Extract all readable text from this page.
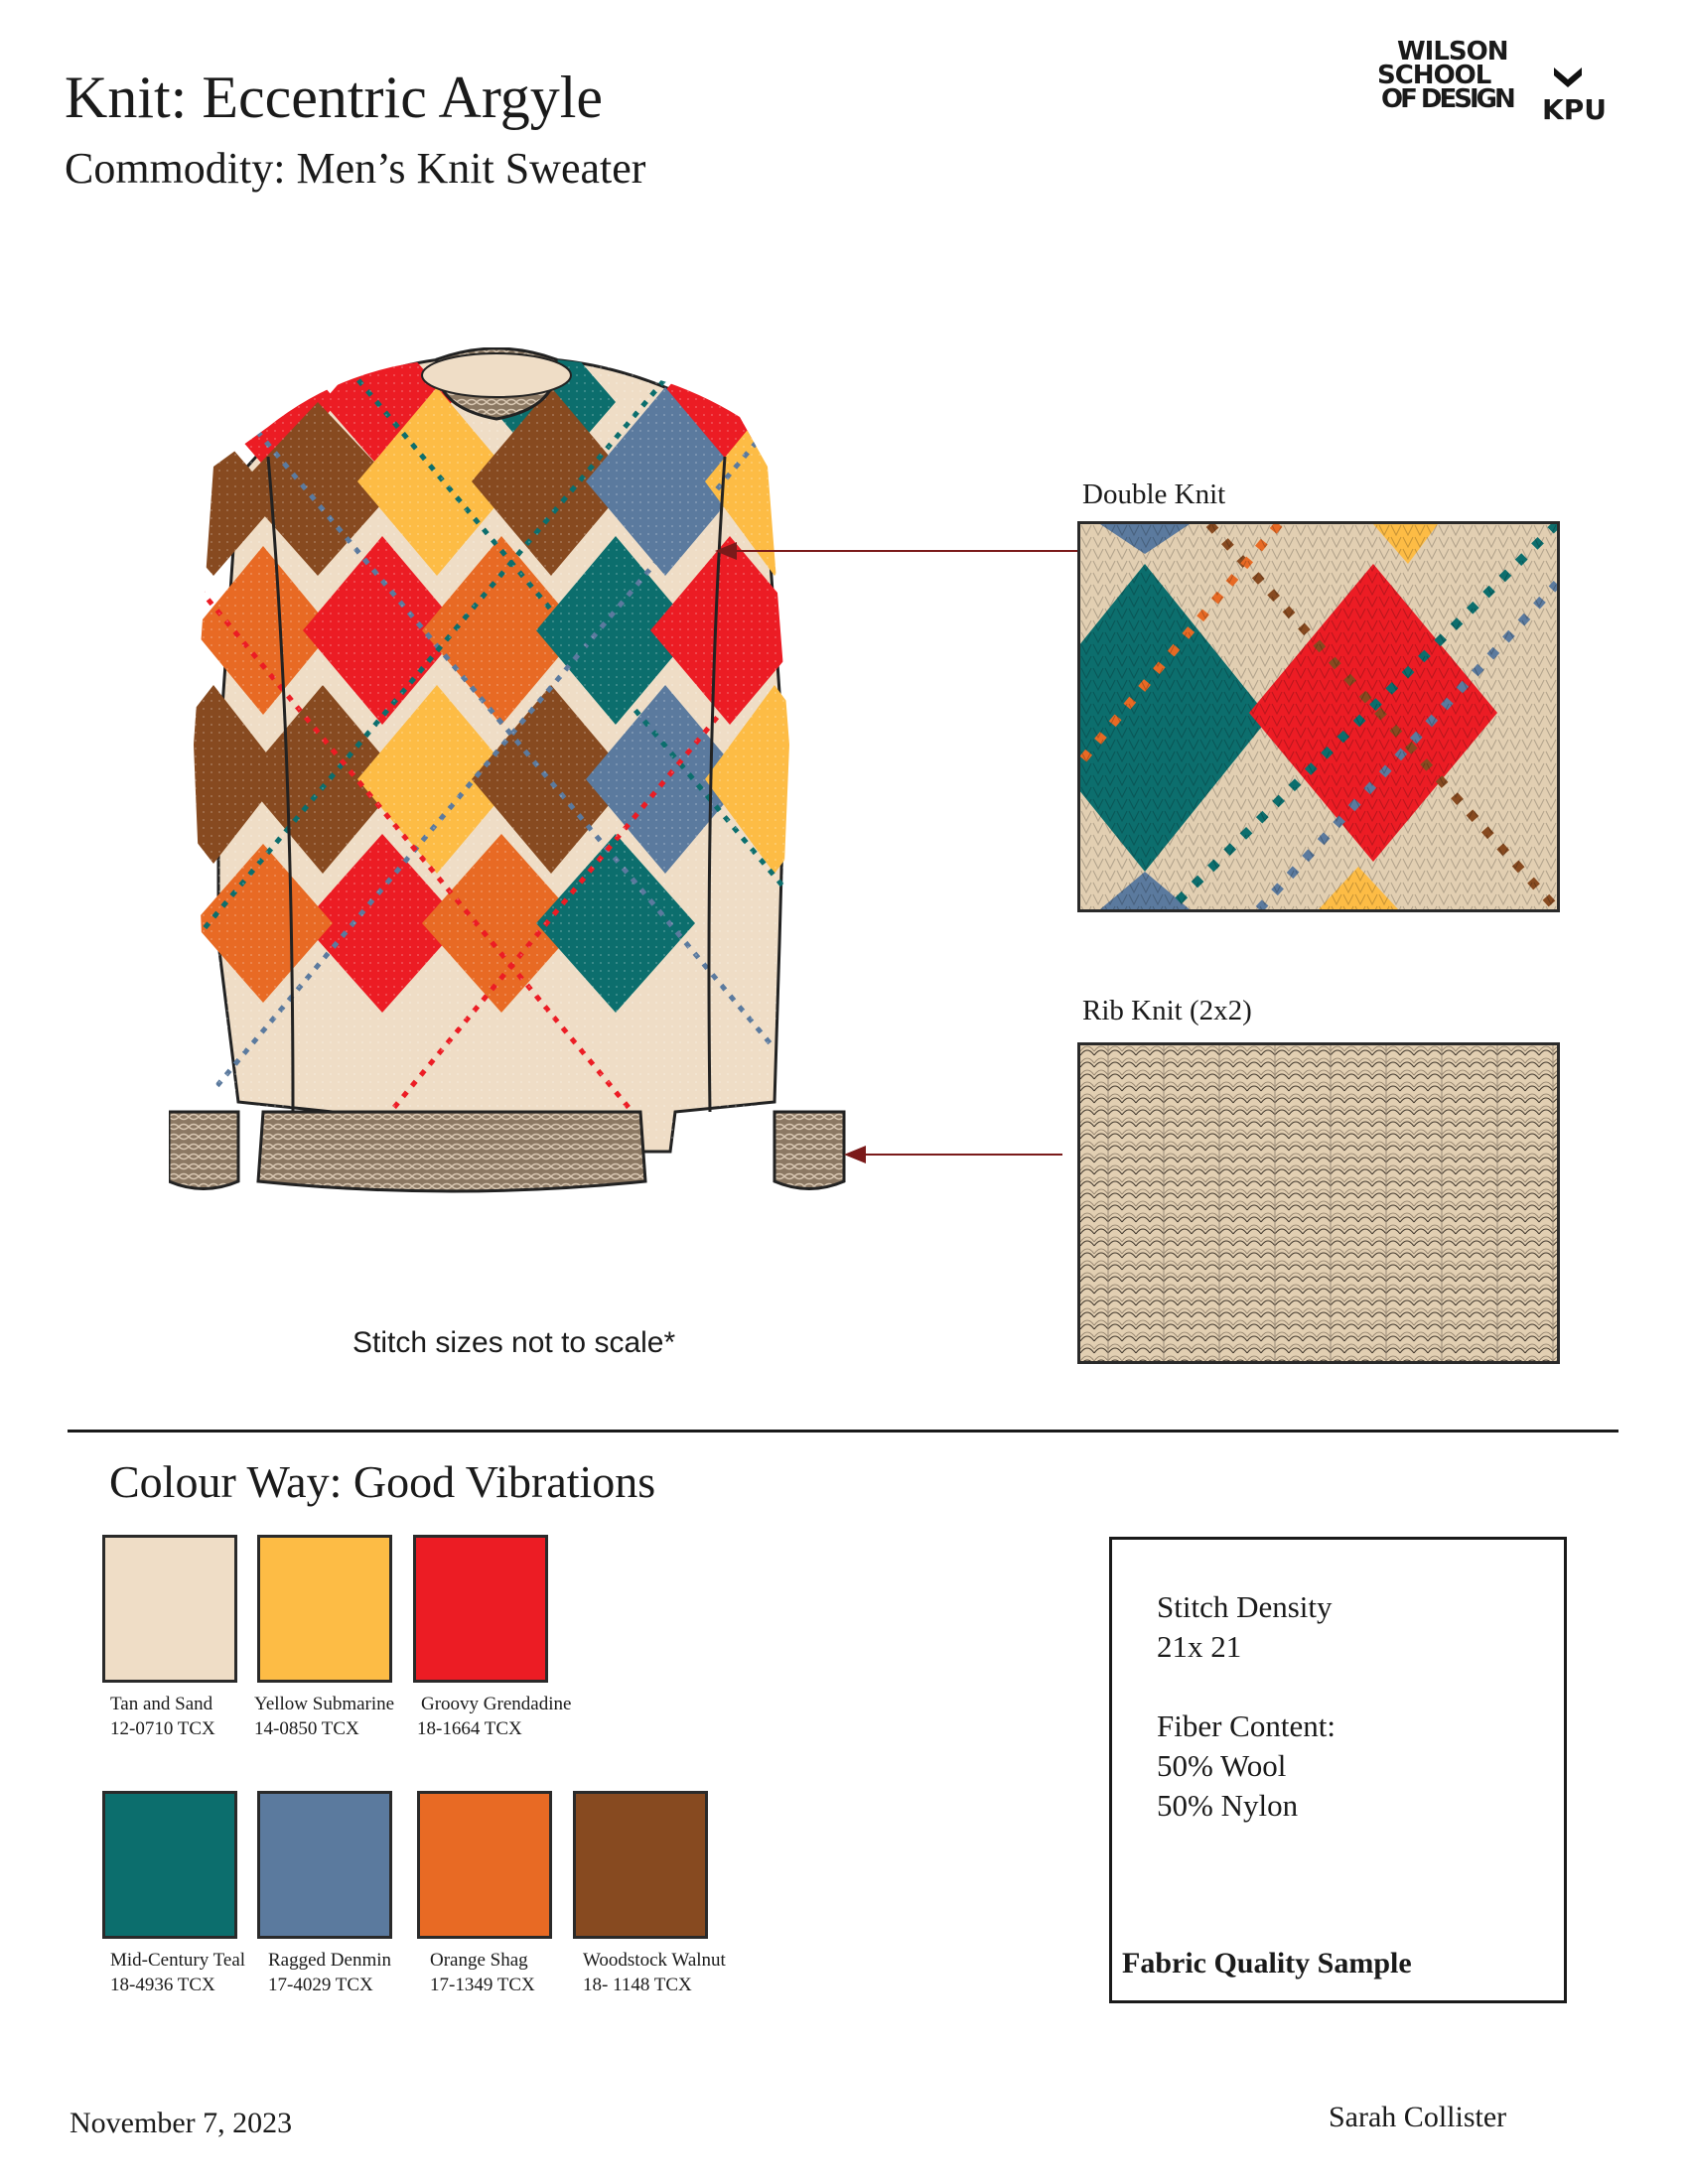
Knit: Eccentric Argyle
Commodity: Men’s Knit Sweater
WILSON
SCHOOL
OF DESIGN KPU
Double Knit
Rib Knit (2x2)
Stitch sizes not to scale*
Colour Way: Good Vibrations
Tan and Sand
12-0710 TCX
Yellow Submarine
14-0850 TCX
Groovy Grendadine
18-1664 TCX
Mid-Century Teal
18-4936 TCX
Ragged Denmin
17-4029 TCX
Orange Shag
17-1349 TCX
Woodstock Walnut
18- 1148 TCX
Stitch Density
21x 21
Fiber Content:
50% Wool
50% Nylon
Fabric Quality Sample
November 7, 2023	Sarah Collister
